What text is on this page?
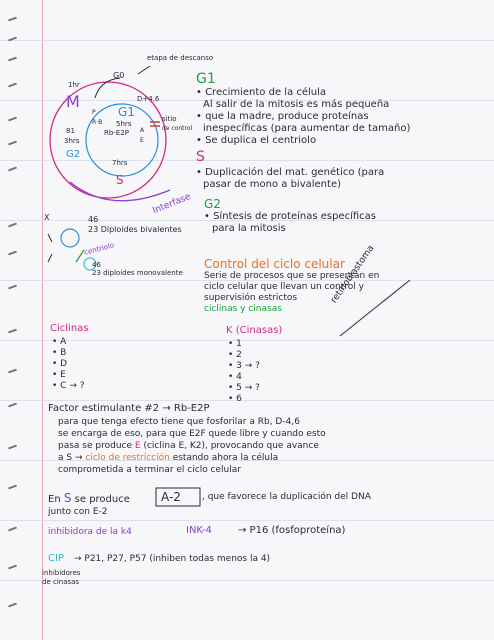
G0
etapa de descanso
1hr
M	D+4,6
G1
5hrs
P
R·B
Rb-E2P A
E
sitio
de control
81
3hrs
G2
7hrs
S
Interfase
46
23 Diploides bivalentes
X
centriolo
46
23 diploides monovalente
G1
• Crecimiento de la célula
Al salir de la mitosis es más pequeña
• que la madre, produce proteínas
inespecíficas (para aumentar de tamaño)
• Se duplica el centriolo
S
• Duplicación del mat. genético (para
pasar de mono a bivalente)
G2
• Síntesis de proteínas específicas
para la mitosis
Control del ciclo celular
Serie de procesos que se presentan en
ciclo celular que llevan un control y
supervisión estrictos
ciclinas y cinasas
Ciclinas
• A
• B
• D
• E
• C → ?
K (Cinasas)
• 1
• 2
• 3 → ?
• 4
• 5 → ?
• 6
retinoblastoma
Factor estimulante #2 → Rb-E2P
para que tenga efecto tiene que fosforilar a Rb, D-4,6
se encarga de eso, para que E2F quede libre y cuando esto
pasa se produce E (ciclina E, K2), provocando que avance
a S → ciclo de restricción estando ahora la célula
comprometida a terminar el ciclo celular
En S se produce	A-2 , que favorece la duplicación del DNA
junto con E-2
inhibidora de la k4	INK-4	→ P16 (fosfoproteína)
CIP → P21, P27, P57 (inhiben todas menos la 4)
inhibidores
de cinasas
